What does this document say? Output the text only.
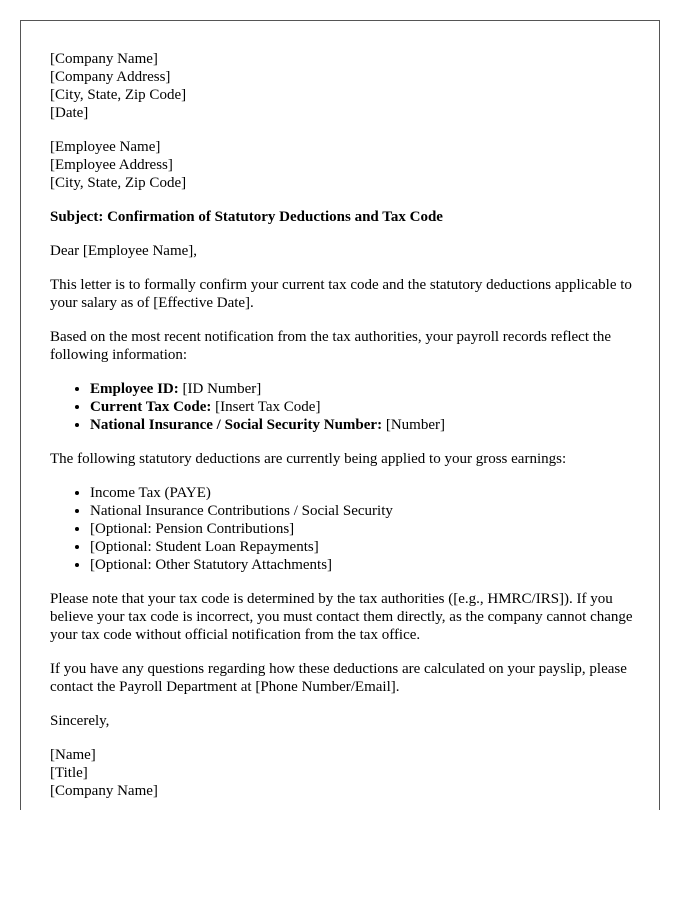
[Company Name]
[Company Address]
[City, State, Zip Code]
[Date]
[Employee Name]
[Employee Address]
[City, State, Zip Code]

Subject: Confirmation of Statutory Deductions and Tax Code

Dear [Employee Name],

This letter is to formally confirm your current tax code and the statutory deductions applicable to your salary as of [Effective Date].

Based on the most recent notification from the tax authorities, your payroll records reflect the following information:

• Employee ID: [ID Number]
• Current Tax Code: [Insert Tax Code]
• National Insurance / Social Security Number: [Number]

The following statutory deductions are currently being applied to your gross earnings:

• Income Tax (PAYE)
• National Insurance Contributions / Social Security
• [Optional: Pension Contributions]
• [Optional: Student Loan Repayments]
• [Optional: Other Statutory Attachments]

Please note that your tax code is determined by the tax authorities ([e.g., HMRC/IRS]). If you believe your tax code is incorrect, you must contact them directly, as the company cannot change your tax code without official notification from the tax office.

If you have any questions regarding how these deductions are calculated on your payslip, please contact the Payroll Department at [Phone Number/Email].

Sincerely,

[Name]
[Title]
[Company Name]
